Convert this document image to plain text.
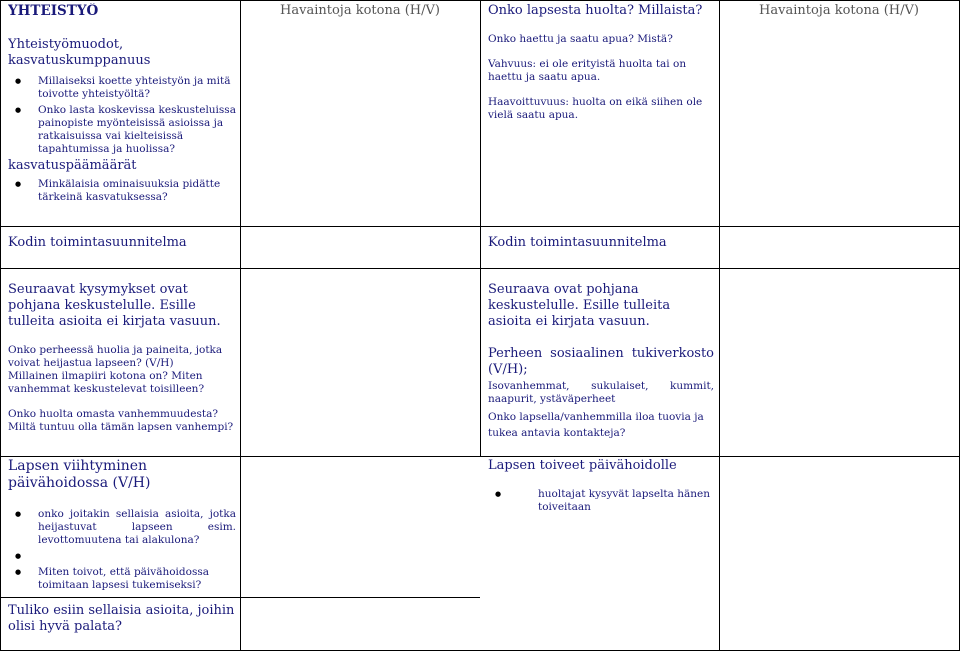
YHTEISTYÖ

Yhteistyömuodot, kasvatuskumppanuus

● Millaiseksi koette yhteistyön ja mitä toivotte yhteistyöltä?
● Onko lasta koskevissa keskusteluissa painopiste myönteisissä asioissa ja ratkaisuissa vai kielteisissä tapahtumissa ja huolissa?

kasvatuspäämäärät

● Minkälaisia ominaisuuksia pidätte tärkeinä kasvatuksessa?
Kodin toimintasuunnitelma
Havaintoja kotona (H/V)	Onko lapsesta huolta? Millaista?

Onko haettu ja saatu apua? Mistä?

Vahvuus: ei ole erityistä huolta tai on haettu ja saatu apua.

Haavoittuvuus: huolta on eikä siihen ole vielä saatu apua.

Kodin toimintasuunnitelma
Havaintoja kotona (H/V)

Seuraavat kysymykset ovat pohjana keskustelulle. Esille tulleita asioita ei kirjata vasuun.

Onko perheessä huolia ja paineita, jotka voivat heijastua lapseen? (V/H)

Millainen ilmapiiri kotona on? Miten vanhemmat keskustelevat toisilleen?

Onko huolta omasta vanhemmuudesta? Miltä tuntuu olla tämän lapsen vanhempi?

Seuraava ovat pohjana keskustelulle. Esille tulleita asioita ei kirjata vasuun.

Perheen sosiaalinen tukiverkosto (V/H);

Isovanhemmat, sukulaiset, kummit, naapurit, ystäväperheet

Onko lapsella/vanhemmilla iloa tuovia ja tukea antavia kontakteja?

Lapsen viihtyminen päivähoidossa (V/H)

● onko joitakin sellaisia asioita, jotka heijastuvat lapseen esim. levottomuutena tai alakulona?
●
● Miten toivot, että päivähoidossa toimitaan lapsesi tukemiseksi?

Lapsen toiveet päivähoidolle

● huoltajat kysyvät lapselta hänen toiveitaan

Tuliko esiin sellaisia asioita, joihin olisi hyvä palata?
